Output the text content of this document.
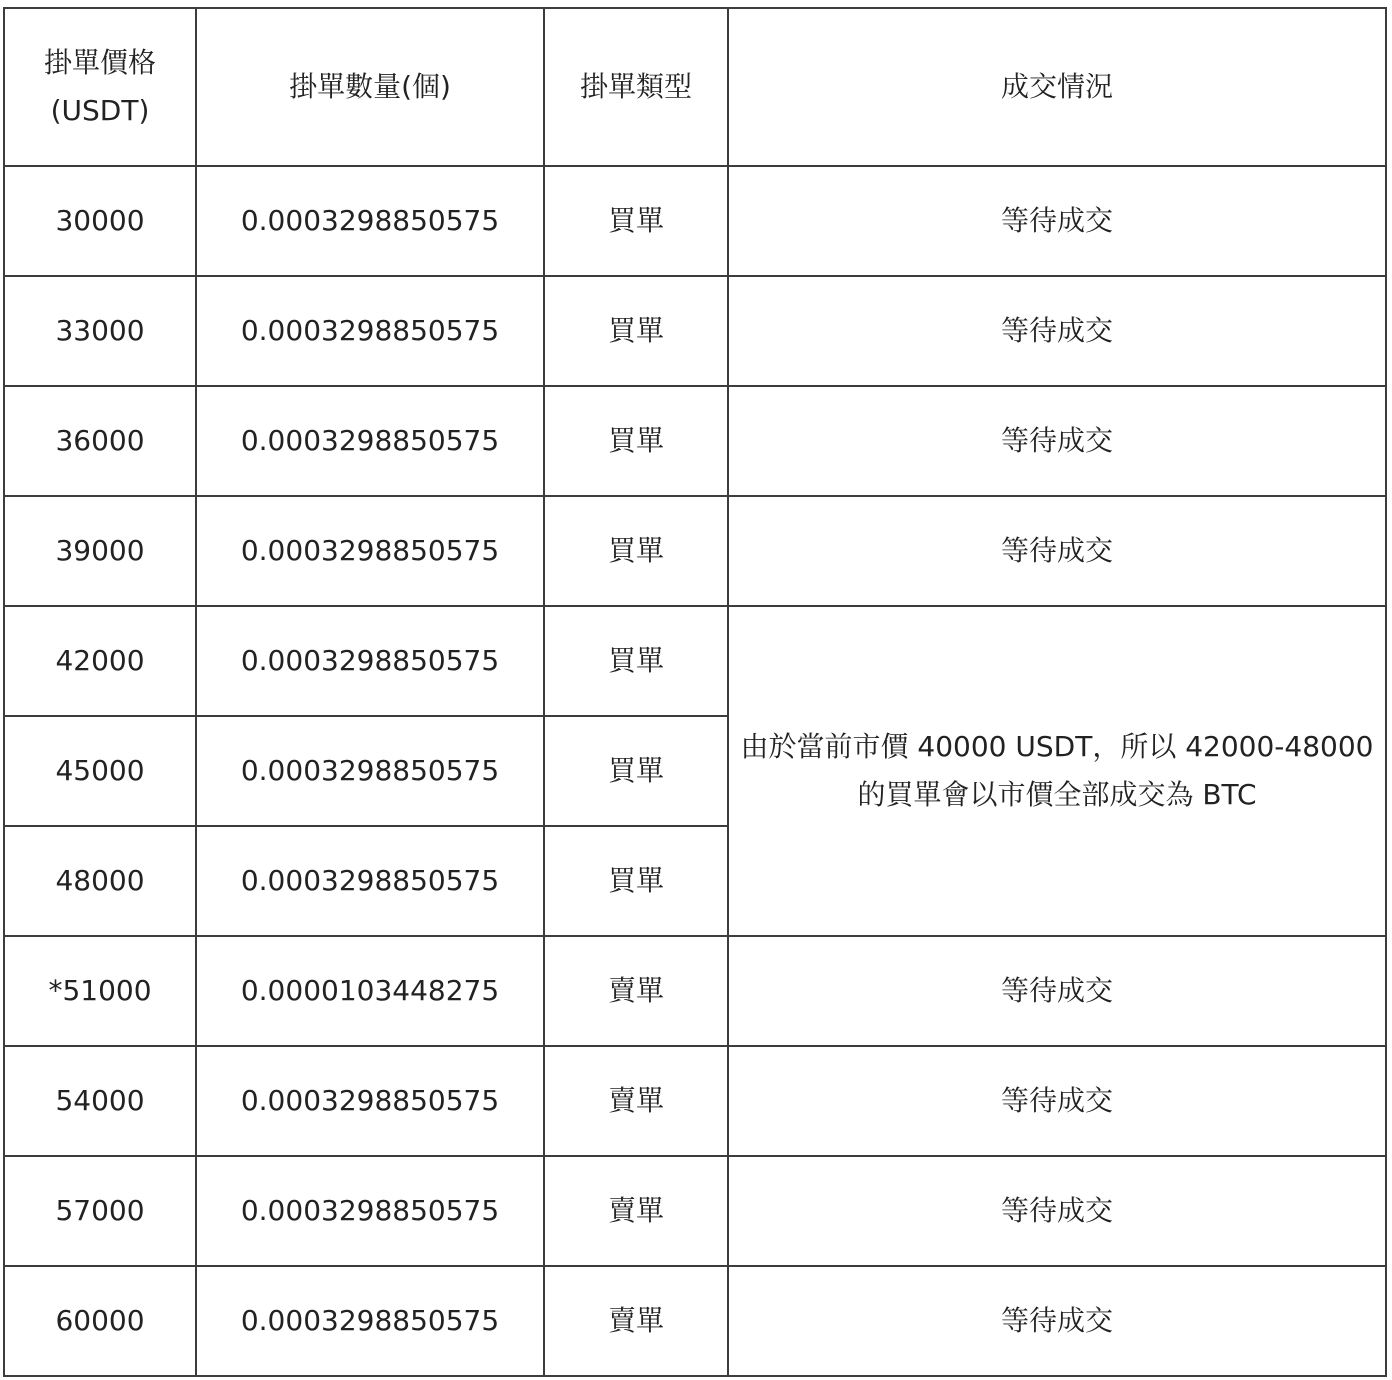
掛單價格
(USDT)	掛單數量(個)	掛單類型	成交情況
30000	0.0003298850575	買單	等待成交
33000	0.0003298850575	買單	等待成交
36000	0.0003298850575	買單	等待成交
39000	0.0003298850575	買單	等待成交
42000	0.0003298850575	買單	由於當前市價 40000 USDT，所以 42000-48000 的買單會以市價全部成交為 BTC
45000	0.0003298850575	買單	
48000	0.0003298850575	買單	
*51000	0.0000103448275	賣單	等待成交
54000	0.0003298850575	賣單	等待成交
57000	0.0003298850575	賣單	等待成交
60000	0.0003298850575	賣單	等待成交
